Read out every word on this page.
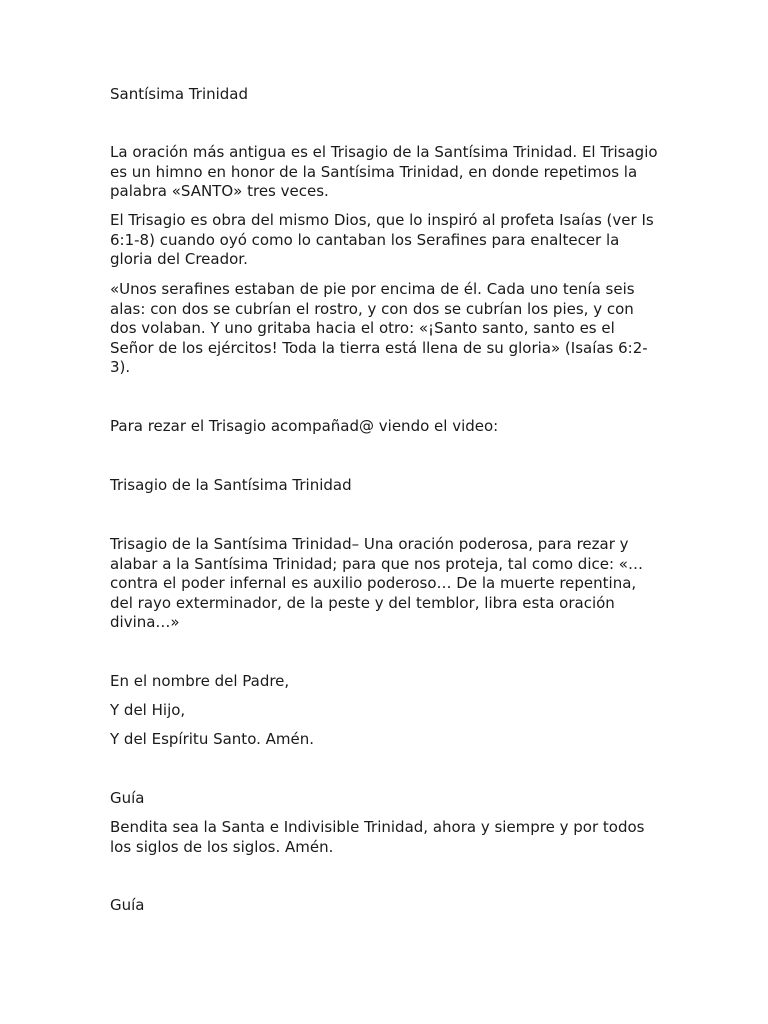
Santísima Trinidad

La oración más antigua es el Trisagio de la Santísima Trinidad. El Trisagio es un himno en honor de la Santísima Trinidad, en donde repetimos la palabra «SANTO» tres veces.

El Trisagio es obra del mismo Dios, que lo inspiró al profeta Isaías (ver Is 6:1-8) cuando oyó como lo cantaban los Serafines para enaltecer la gloria del Creador.

«Unos serafines estaban de pie por encima de él. Cada uno tenía seis alas: con dos se cubrían el rostro, y con dos se cubrían los pies, y con dos volaban. Y uno gritaba hacia el otro: «¡Santo santo, santo es el Señor de los ejércitos! Toda la tierra está llena de su gloria» (Isaías 6:2-3).

Para rezar el Trisagio acompañad@ viendo el video:

Trisagio de la Santísima Trinidad

Trisagio de la Santísima Trinidad– Una oración poderosa, para rezar y alabar a la Santísima Trinidad; para que nos proteja, tal como dice: «…contra el poder infernal es auxilio poderoso… De la muerte repentina, del rayo exterminador, de la peste y del temblor, libra esta oración divina…»

En el nombre del Padre,

Y del Hijo,

Y del Espíritu Santo. Amén.

Guía

Bendita sea la Santa e Indivisible Trinidad, ahora y siempre y por todos los siglos de los siglos. Amén.

Guía
